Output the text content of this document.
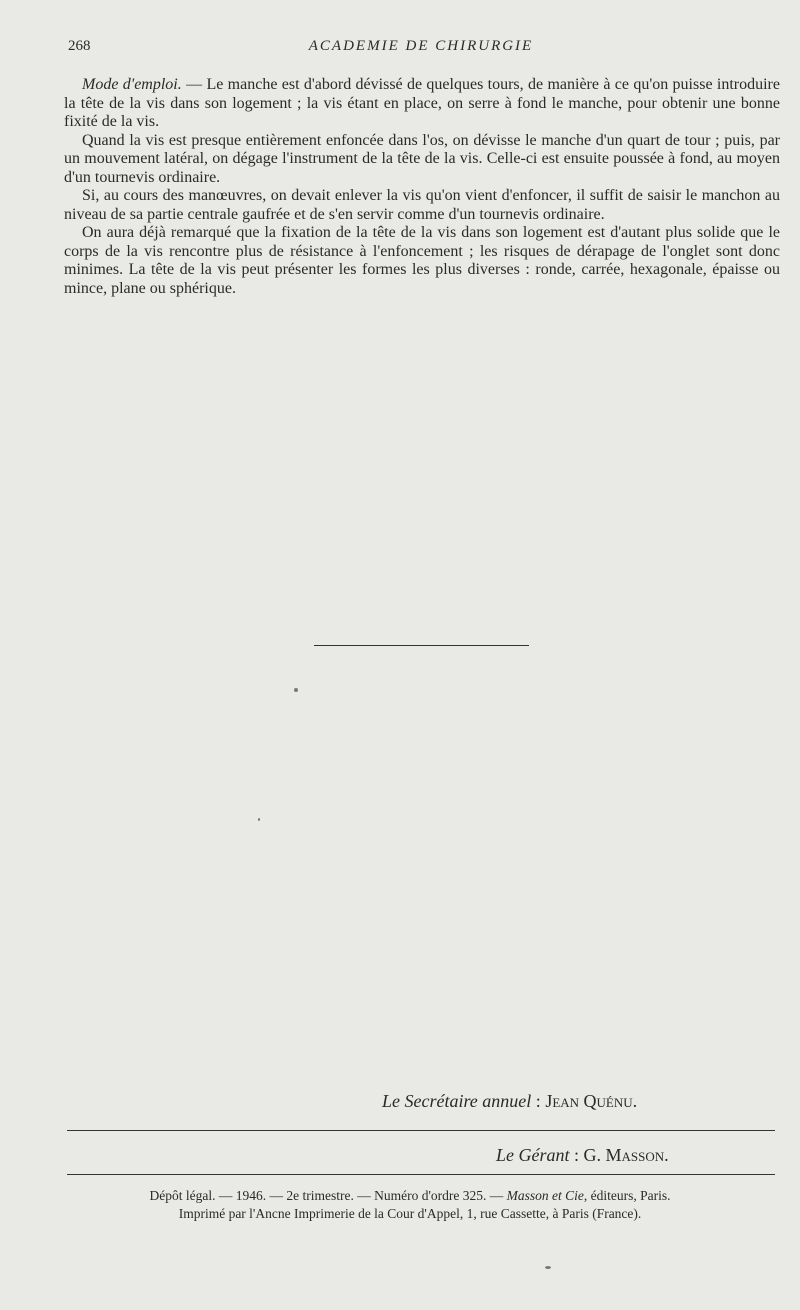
268	ACADEMIE DE CHIRURGIE

Mode d'emploi. — Le manche est d'abord dévissé de quelques tours, de manière à ce qu'on puisse introduire la tête de la vis dans son logement ; la vis étant en place, on serre à fond le manche, pour obtenir une bonne fixité de la vis.

Quand la vis est presque entièrement enfoncée dans l'os, on dévisse le manche d'un quart de tour ; puis, par un mouvement latéral, on dégage l'instrument de la tête de la vis. Celle-ci est ensuite poussée à fond, au moyen d'un tournevis ordinaire.

Si, au cours des manœuvres, on devait enlever la vis qu'on vient d'enfoncer, il suffit de saisir le manchon au niveau de sa partie centrale gaufrée et de s'en servir comme d'un tournevis ordinaire.

On aura déjà remarqué que la fixation de la tête de la vis dans son logement est d'autant plus solide que le corps de la vis rencontre plus de résistance à l'enfoncement ; les risques de dérapage de l'onglet sont donc minimes. La tête de la vis peut présenter les formes les plus diverses : ronde, carrée, hexagonale, épaisse ou mince, plane ou sphérique.

Le Secrétaire annuel : Jean Quénu.
Le Gérant : G. Masson.
Dépôt légal. — 1946. — 2e trimestre. — Numéro d'ordre 325. — Masson et Cie, éditeurs, Paris.
Imprimé par l'Ancne Imprimerie de la Cour d'Appel, 1, rue Cassette, à Paris (France).
